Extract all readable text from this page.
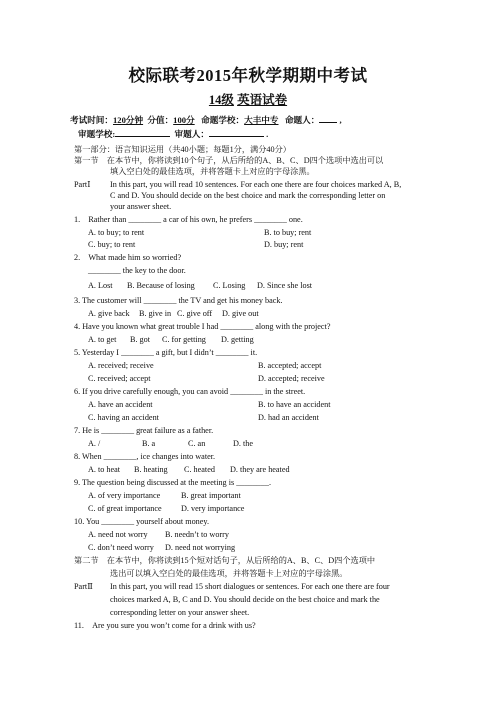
校际联考2015年秋学期期中考试
14级 英语试卷
考试时间：120分钟 分值：100分 命题学校：大丰中专 命题人： ,
审题学校:	审题人：	.
第一部分：语言知识运用（共40小题；每题1分，满分40分）
第一节　在本节中，你将读到10个句子，从后所给的A、B、C、D四个选项中选出可以
填入空白处的最佳选项，并将答题卡上对应的字母涂黑。
PartⅠ In this part, you will read 10 sentences. For each one there are four choices marked A, B,
C and D. You should decide on the best choice and mark the corresponding letter on
your answer sheet.
1.　Rather than ________ a car of his own, he prefers ________ one.
A. to buy; to rent	B. to buy; rent
C. buy; to rent	D. buy; rent
2.　What made him so worried?
________ the key to the door.
A. Lost B. Because of losing C. Losing D. Since she lost
3. The customer will ________ the TV and get his money back.
A. give back B. give in C. give off D. give out
4. Have you known what great trouble I had ________ along with the project?
A. to get B. got C. for getting D. getting
5. Yesterday I ________ a gift, but I didn’t ________ it.
A. received; receive	B. accepted; accept
C. received; accept	D. accepted; receive
6. If you drive carefully enough, you can avoid ________ in the street.
A. have an accident	B. to have an accident
C. having an accident	D. had an accident
7. He is ________ great failure as a father.
A. /	B. a	C. an	D. the
8. When ________, ice changes into water.
A. to heat B. heating C. heated D. they are heated
9. The question being discussed at the meeting is ________.
A. of very importance	B. great important
C. of great importance D. very importance
10. You ________ yourself about money.
A. need not worry B. needn’t to worry
C. don’t need worry D. need not worrying
第二节　在本节中，你将读到15个短对话句子，从后所给的A、B、C、D四个选项中
选出可以填入空白处的最佳选项，并将答题卡上对应的字母涂黑。
PartⅡ In this part, you will read 15 short dialogues or sentences. For each one there are four
choices marked A, B, C and D. You should decide on the best choice and mark the
corresponding letter on your answer sheet.
11.　Are you sure you won’t come for a drink with us?
